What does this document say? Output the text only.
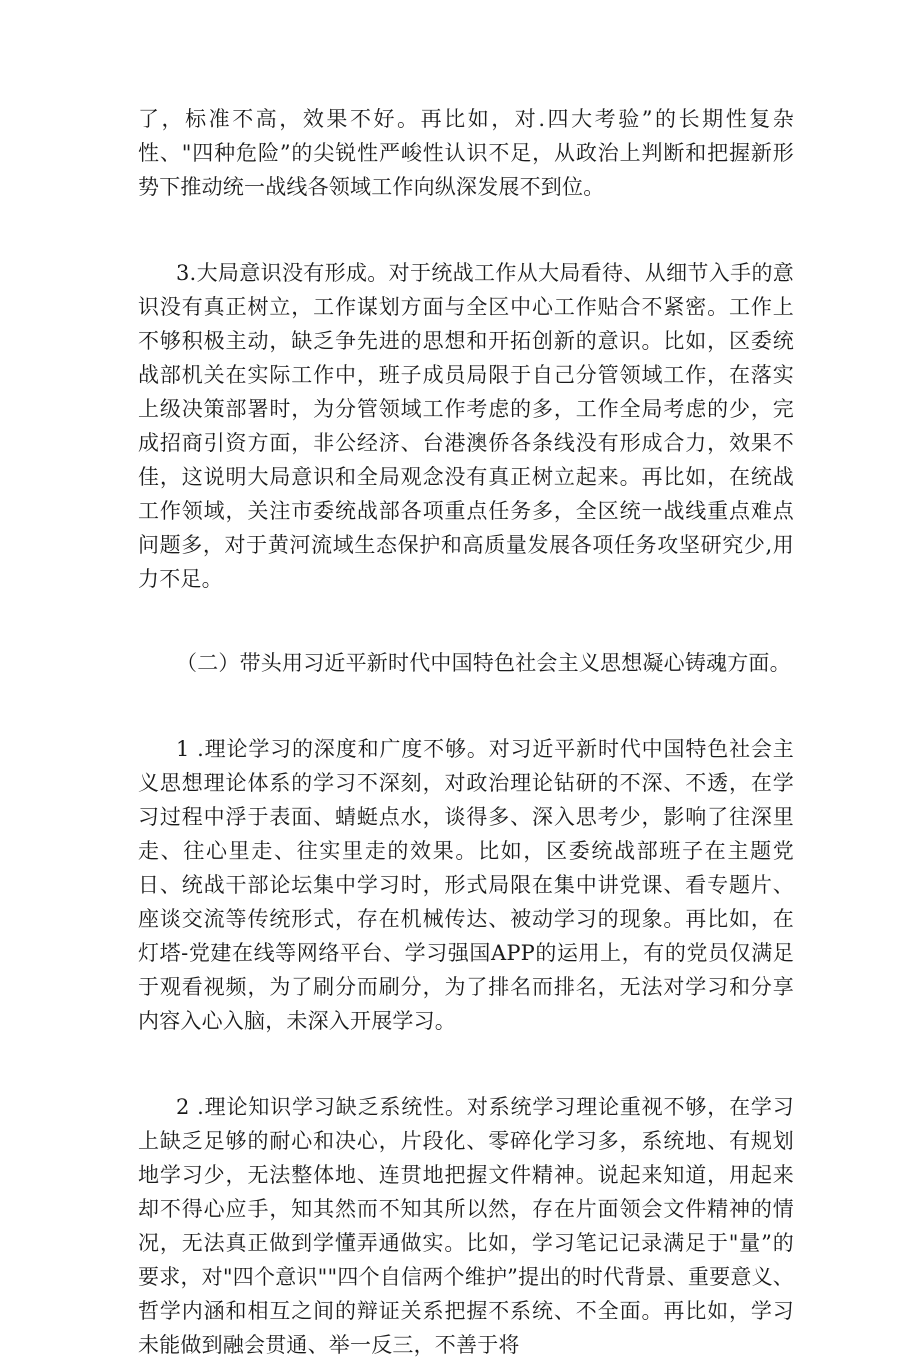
了，标准不高，效果不好。再比如，对.四大考验”的长期性复杂性、"四种危险”的尖锐性严峻性认识不足，从政治上判断和把握新形势下推动统一战线各领域工作向纵深发展不到位。

3.大局意识没有形成。对于统战工作从大局看待、从细节入手的意识没有真正树立，工作谋划方面与全区中心工作贴合不紧密。工作上不够积极主动，缺乏争先进的思想和开拓创新的意识。比如，区委统战部机关在实际工作中，班子成员局限于自己分管领域工作，在落实上级决策部署时，为分管领域工作考虑的多，工作全局考虑的少，完成招商引资方面，非公经济、台港澳侨各条线没有形成合力，效果不佳，这说明大局意识和全局观念没有真正树立起来。再比如，在统战工作领域，关注市委统战部各项重点任务多，全区统一战线重点难点问题多，对于黄河流域生态保护和高质量发展各项任务攻坚研究少,用力不足。

（二）带头用习近平新时代中国特色社会主义思想凝心铸魂方面。

1 .理论学习的深度和广度不够。对习近平新时代中国特色社会主义思想理论体系的学习不深刻，对政治理论钻研的不深、不透，在学习过程中浮于表面、蜻蜓点水，谈得多、深入思考少，影响了往深里走、往心里走、往实里走的效果。比如，区委统战部班子在主题党日、统战干部论坛集中学习时，形式局限在集中讲党课、看专题片、座谈交流等传统形式，存在机械传达、被动学习的现象。再比如，在灯塔-党建在线等网络平台、学习强国APP的运用上，有的党员仅满足于观看视频，为了刷分而刷分，为了排名而排名，无法对学习和分享内容入心入脑，未深入开展学习。

2 .理论知识学习缺乏系统性。对系统学习理论重视不够，在学习上缺乏足够的耐心和决心，片段化、零碎化学习多，系统地、有规划地学习少，无法整体地、连贯地把握文件精神。说起来知道，用起来却不得心应手，知其然而不知其所以然，存在片面领会文件精神的情况，无法真正做到学懂弄通做实。比如，学习笔记记录满足于"量”的要求，对"四个意识""四个自信两个维护”提出的时代背景、重要意义、哲学内涵和相互之间的辩证关系把握不系统、不全面。再比如，学习未能做到融会贯通、举一反三，不善于将
